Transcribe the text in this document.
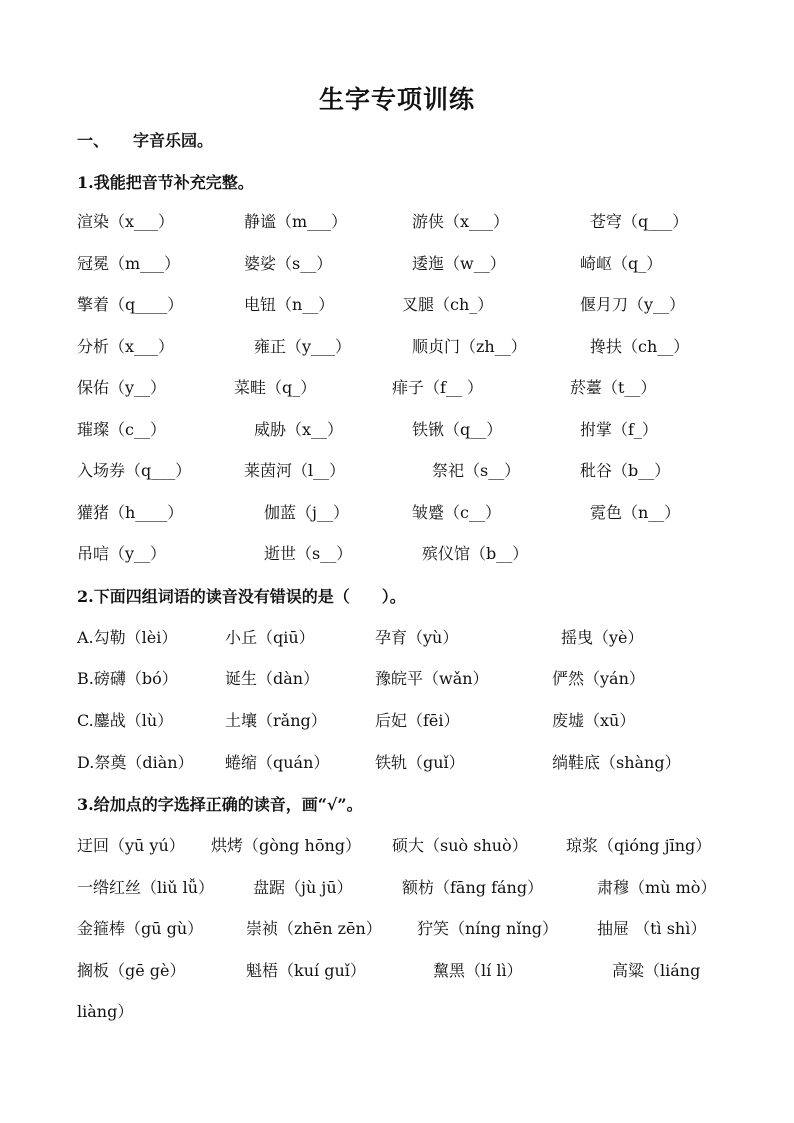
生字专项训练
一、 字音乐园。
1.我能把音节补充完整。
渲染（x___）	静谧（m___）	游侠（x___）	苍穹（q___）
冠冕（m___）	婆娑（s__）	逶迤（w__）	崎岖（q_）
擎着（q____）	电钮（n__）	叉腿（ch_）	偃月刀（y__）
分析（x___）	雍正（y___）	顺贞门（zh__）	搀扶（ch__）
保佑（y__）	菜畦（q_）	痱子（f__ ）	菸薹（t__）
璀璨（c__）	威胁（x__）	铁锹（q__）	拊掌（f_）
入场券（q___）	莱茵河（l__）	祭祀（s__）	秕谷（b__）
獾猪（h____）	伽蓝（j__）	皱蹙（c__）	霓色（n__）
吊唁（y__）	逝世（s__）	殡仪馆（b__）
2.下面四组词语的读音没有错误的是（　　）。
A.勾勒（lèi）	小丘（qiū）	孕育（yù）	摇曳（yè）
B.磅礴（bó）	诞生（dàn）	豫皖平（wǎn）	俨然（yán）
C.鏖战（lù）	土壤（rǎng）	后妃（fēi）	废墟（xū）
D.祭奠（diàn） 蜷缩（quán）	铁轨（guǐ）	绱鞋底（shàng）
3.给加点的字选择正确的读音，画“√”。
迂回（yū yú） 烘烤（gòng hōng） 硕大（suò shuò） 琼浆（qióng jīng）
一绺红丝（liǔ lǚ） 盘踞（jù jū）	额枋（fāng fáng）	肃穆（mù mò）
金箍棒（gū gù）	崇祯（zhēn zēn） 狞笑（níng nǐng） 抽屉 （tì shì）
搁板（gē gè）	魁梧（kuí guǐ）	黧黑（lí lì）	高粱（liáng
liàng）
